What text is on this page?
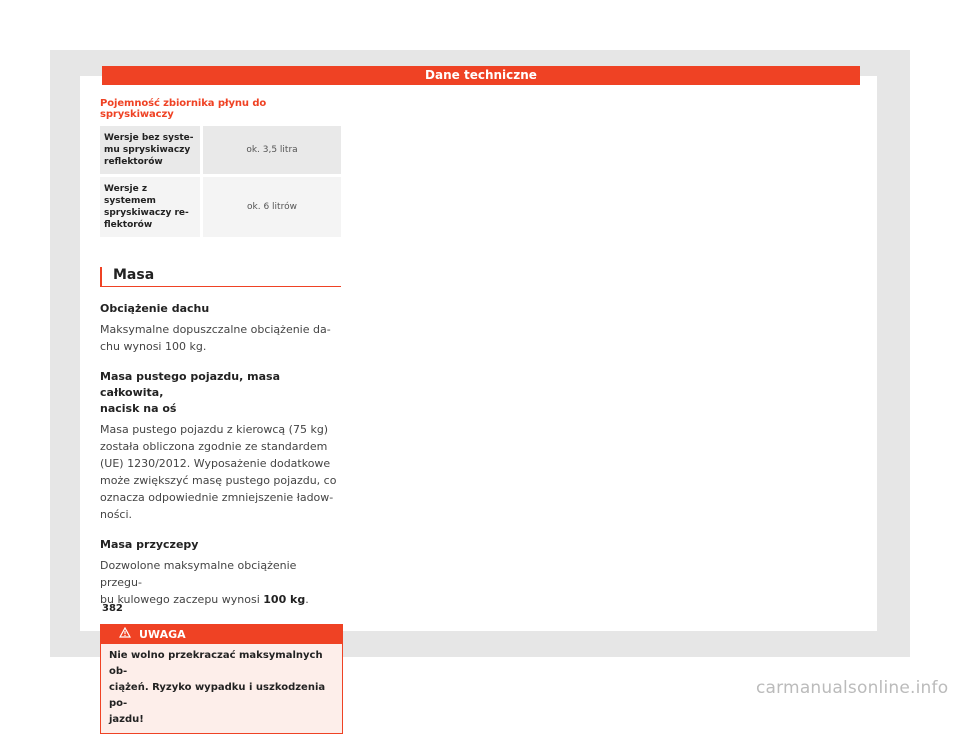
Dane techniczne
Pojemność zbiornika płynu do spryskiwaczy
Wersje bez syste-
mu spryskiwaczy
reflektorów	ok. 3,5 litra

Wersje z systemem
spryskiwaczy re-
flektorów	ok. 6 litrów
Masa
Obciążenie dachu

Maksymalne dopuszczalne obciążenie da-
chu wynosi 100 kg.

Masa pustego pojazdu, masa całkowita,
nacisk na oś

Masa pustego pojazdu z kierowcą (75 kg)
została obliczona zgodnie ze standardem
(UE) 1230/2012. Wyposażenie dodatkowe
może zwiększyć masę pustego pojazdu, co
oznacza odpowiednie zmniejszenie ładow-
ności.

Masa przyczepy

Dozwolone maksymalne obciążenie przegu-
bu kulowego zaczepu wynosi 100 kg.

UWAGA
Nie wolno przekraczać maksymalnych ob-
ciążeń. Ryzyko wypadku i uszkodzenia po-
jazdu!
382
carmanualsonline.info
